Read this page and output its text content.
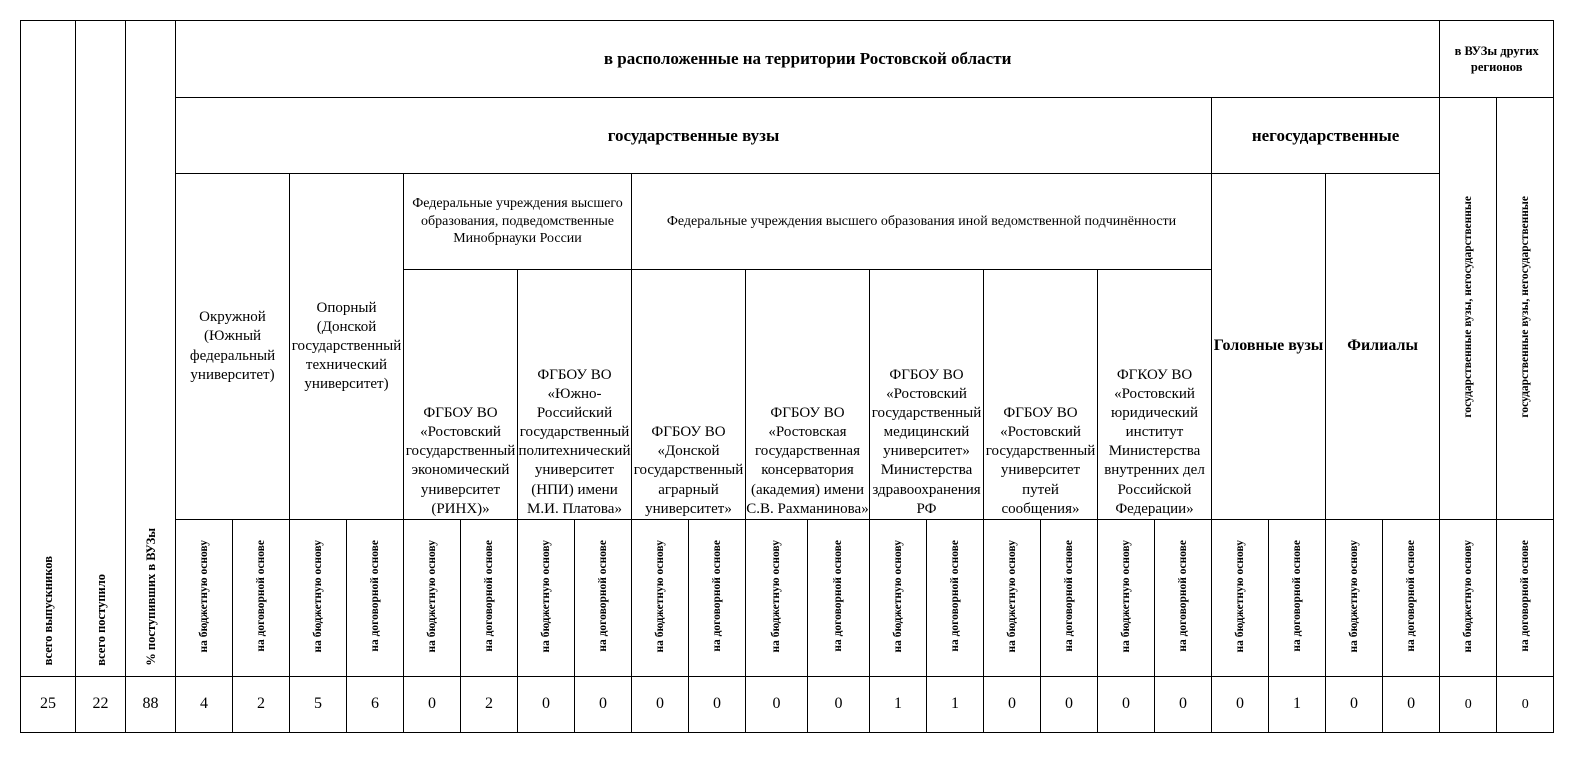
всего выпускников	всего поступило	% поступивших в ВУЗы	в расположенные на территории Ростовской области																						в ВУЗы других регионов	
			государственные вузы																		негосударственные				государственные вузы, негосударственные	государственные вузы, негосударственные
			Окружной (Южный федеральный университет)		Опорный (Донской государственный технический университет)		Федеральные учреждения высшего образования, подведомственные Минобрнауки России				Федеральные учреждения высшего образования иной ведомственной подчинённости										Головные вузы		Филиалы			
							ФГБОУ ВО «Ростовский государственный экономический университет (РИНХ)»		ФГБОУ ВО «Южно-Российский государственный политехнический университет (НПИ) имени М.И. Платова»		ФГБОУ ВО «Донской государственный аграрный университет»		ФГБОУ ВО «Ростовская государственная консерватория (академия) имени С.В. Рахманинова»		ФГБОУ ВО «Ростовский государственный медицинский университет» Министерства здравоохранения РФ		ФГБОУ ВО «Ростовский государственный университет путей сообщения»		ФГКОУ ВО «Ростовский юридический институт Министерства внутренних дел Российской Федерации»							
			на бюджетную основу	на договорной основе	на бюджетную основу	на договорной основе	на бюджетную основу	на договорной основе	на бюджетную основу	на договорной основе	на бюджетную основу	на договорной основе	на бюджетную основу	на договорной основе	на бюджетную основу	на договорной основе	на бюджетную основу	на договорной основе	на бюджетную основу	на договорной основе	на бюджетную основу	на договорной основе	на бюджетную основу	на договорной основе	на бюджетную основу	на договорной основе
25	22	88	4	2	5	6	0	2	0	0	0	0	0	0	1	1	0	0	0	0	0	1	0	0	0	0
